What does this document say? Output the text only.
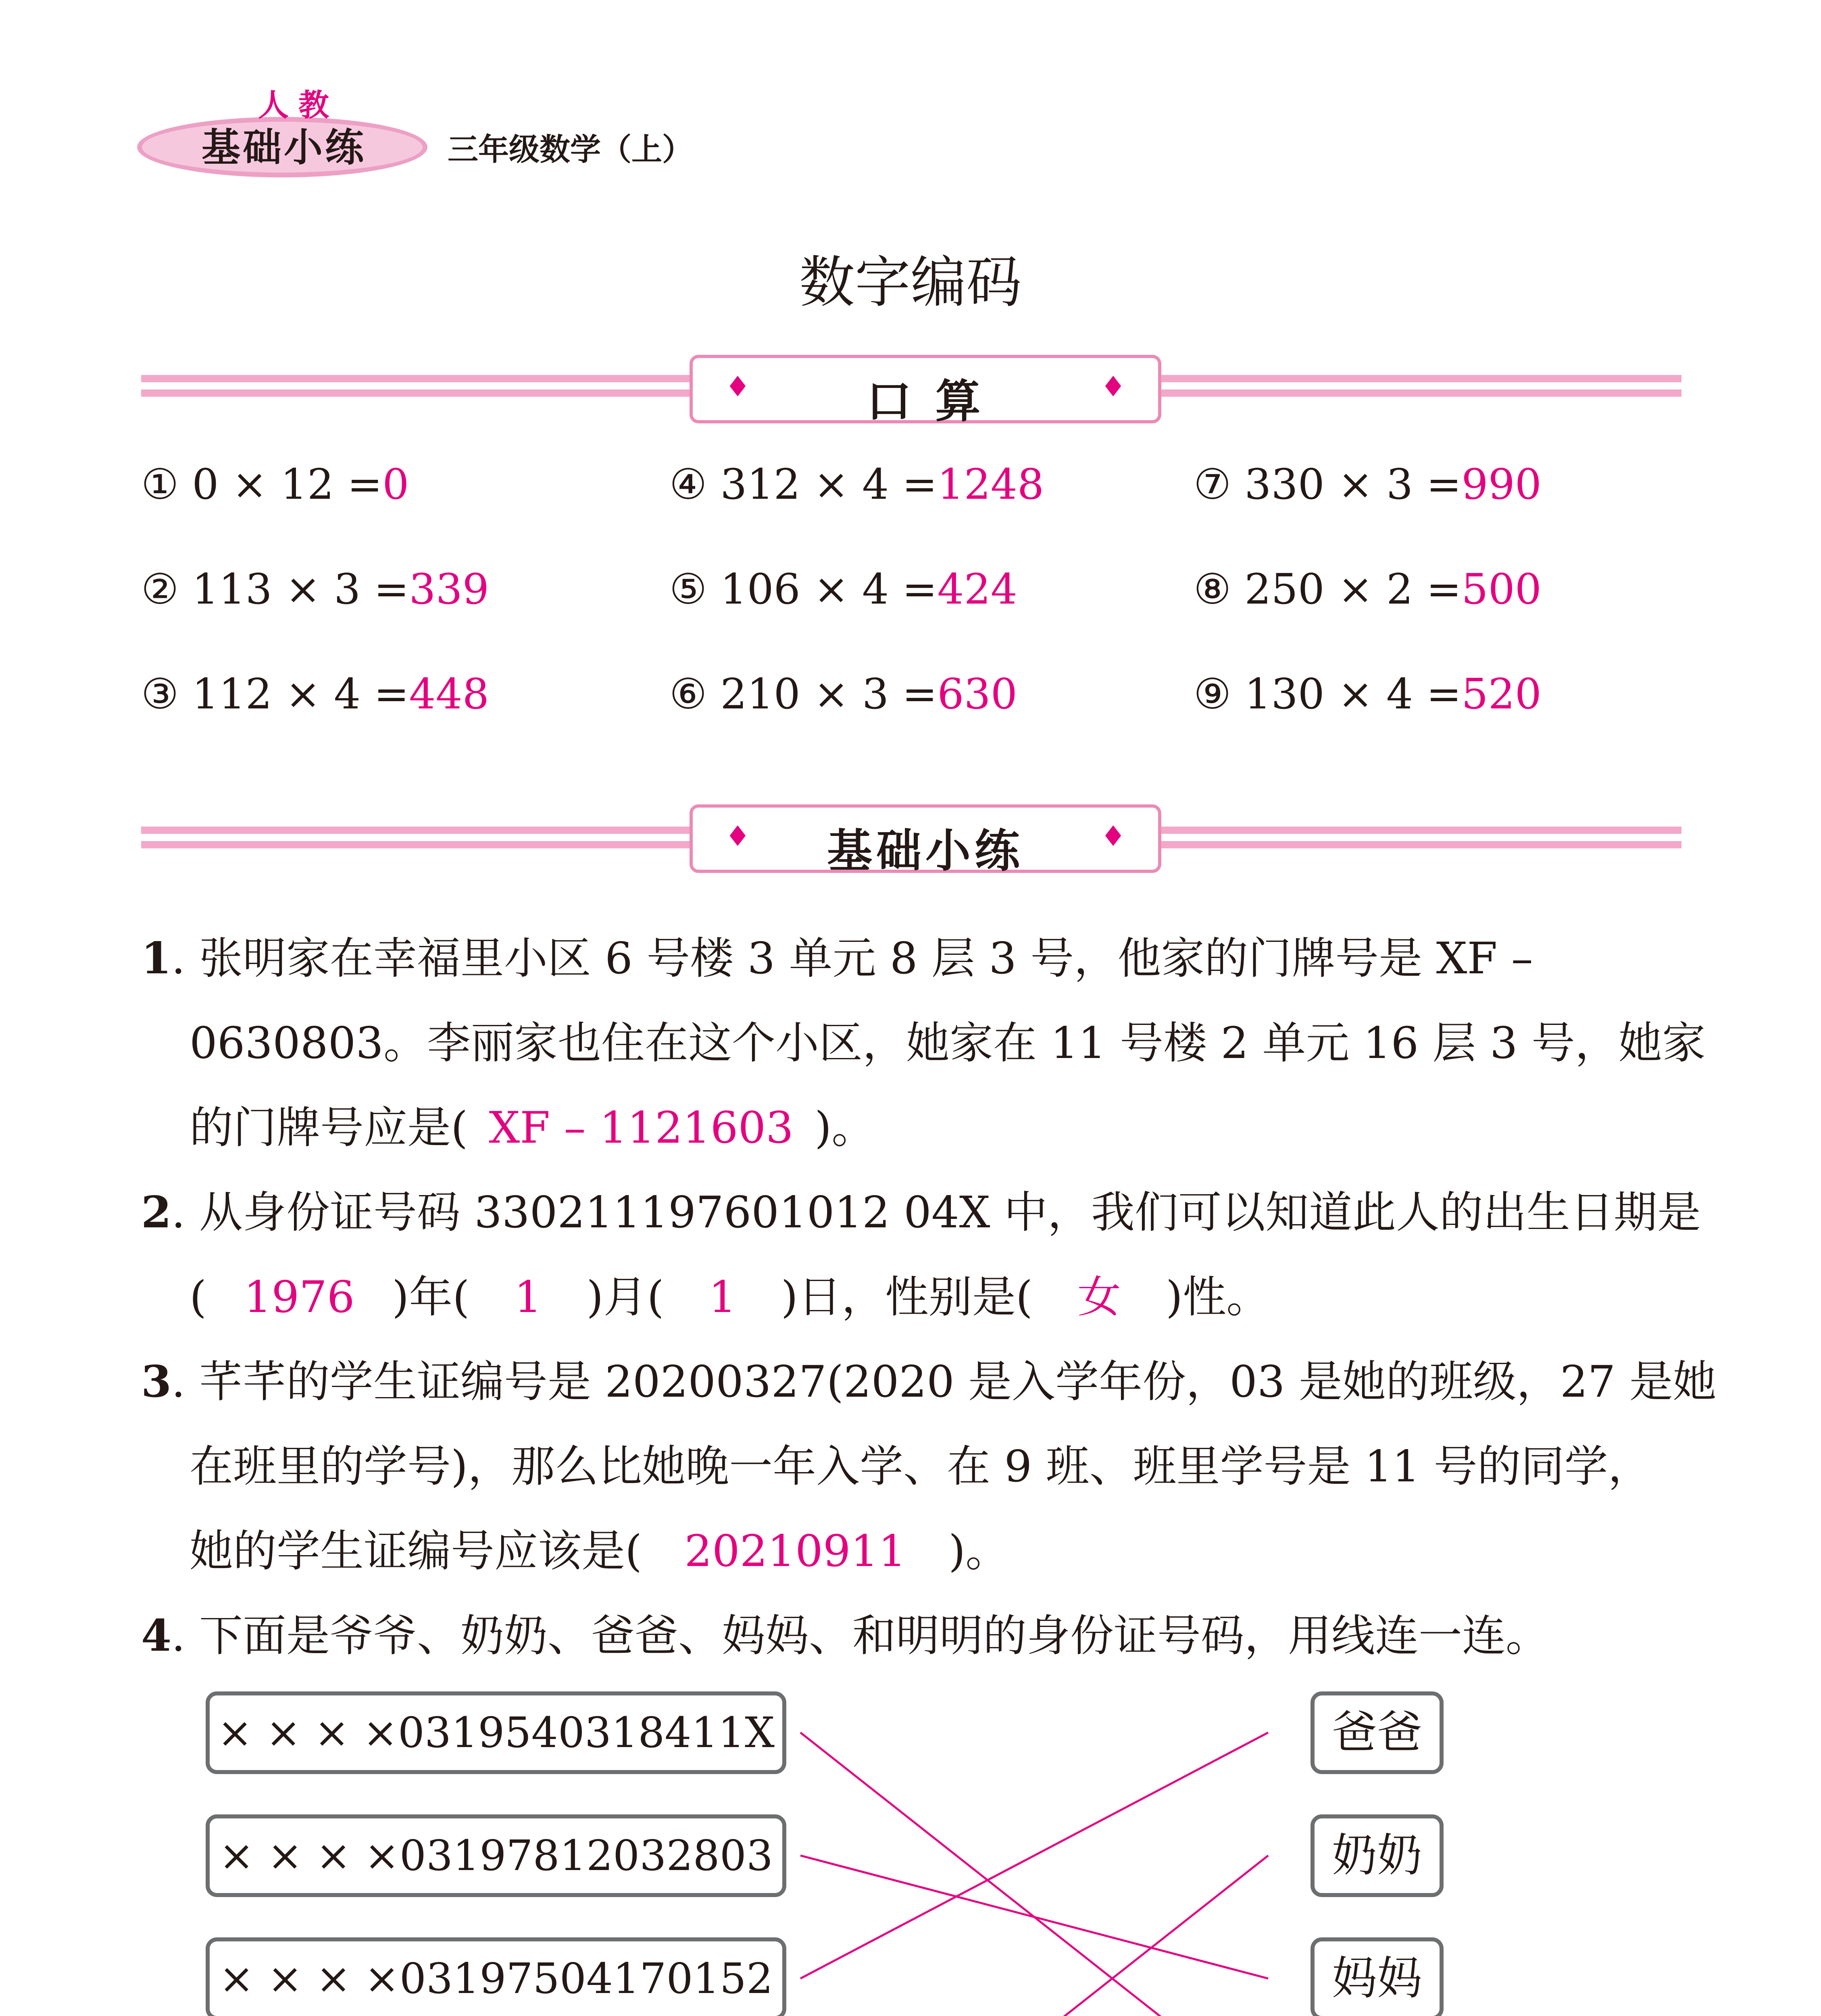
人教
基础小练	三年级数学（上）
数字编码
♦	口 算	♦
① 0 × 12 =0
② 113 × 3 =339
③ 112 × 4 =448
④ 312 × 4 =1248
⑤ 106 × 4 =424
⑥ 210 × 3 =630
⑦ 330 × 3 =990
⑧ 250 × 2 =500
⑨ 130 × 4 =520
♦	基础小练	♦
1. 张明家在幸福里小区 6 号楼 3 单元 8 层 3 号，他家的门牌号是 XF –
0630803。李丽家也住在这个小区，她家在 11 号楼 2 单元 16 层 3 号，她家
的门牌号应是( XF – 1121603 )。
2. 从身份证号码 330211197601012 04X 中，我们可以知道此人的出生日期是
( 1976 )年( 1 )月( 1 )日，性别是( 女 )性。
3. 芊芊的学生证编号是 20200327(2020 是入学年份，03 是她的班级，27 是她
在班里的学号)，那么比她晚一年入学、在 9 班、班里学号是 11 号的同学，
她的学生证编号应该是( 20210911 )。
4. 下面是爷爷、奶奶、爸爸、妈妈、和明明的身份证号码，用线连一连。
× × × ×0319540318411X
× × × ×03197812032803
× × × ×03197504170152
爸爸
奶奶
妈妈
